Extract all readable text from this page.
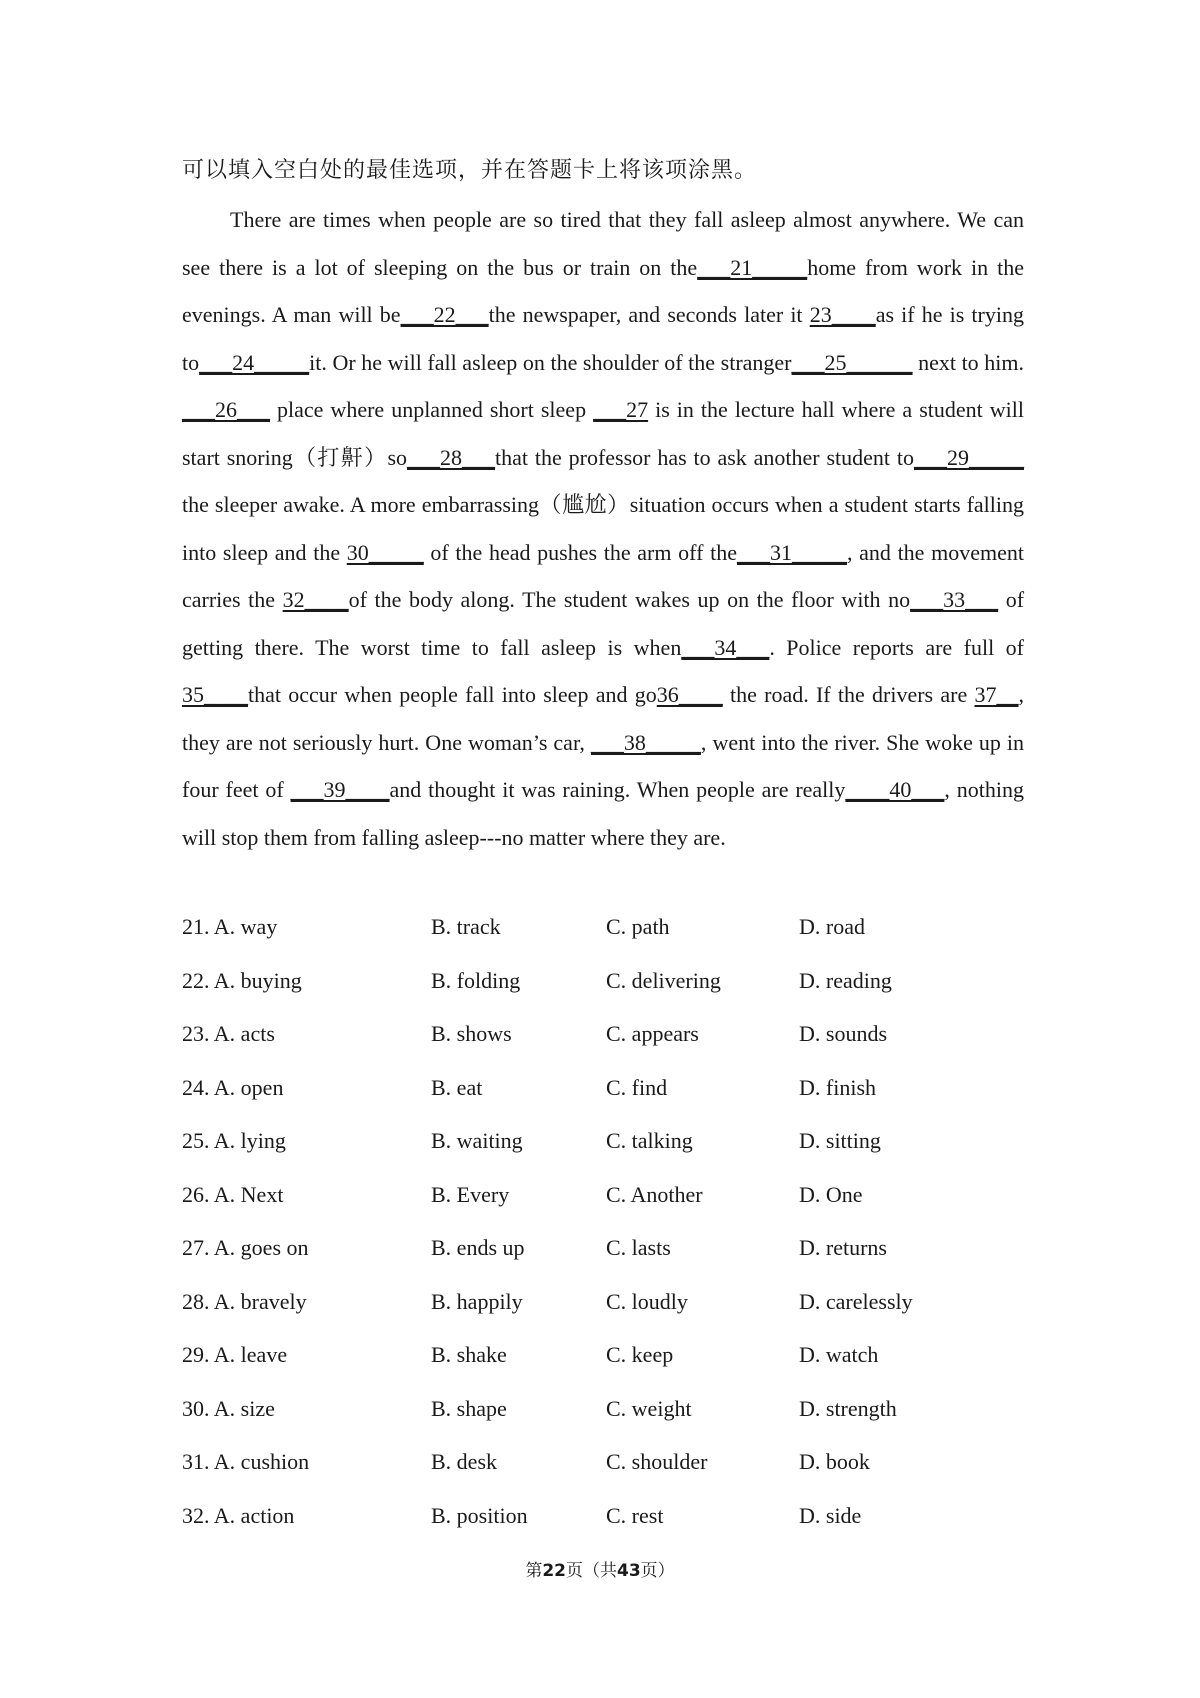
可以填入空白处的最佳选项，并在答题卡上将该项涂黑。

There are times when people are so tired that they fall asleep almost anywhere. We can see there is a lot of sleeping on the bus or train on the___21_____home from work in the evenings. A man will be___22___the newspaper, and seconds later it 23____as if he is trying to___24_____it. Or he will fall asleep on the shoulder of the stranger___25______ next to him. ___26___ place where unplanned short sleep ___27 is in the lecture hall where a student will start snoring（打鼾）so___28___that the professor has to ask another student to___29_____ the sleeper awake. A more embarrassing（尴尬）situation occurs when a student starts falling into sleep and the 30_____ of the head pushes the arm off the___31_____, and the movement carries the 32____of the body along. The student wakes up on the floor with no___33___ of getting there. The worst time to fall asleep is when___34___. Police reports are full of 35____that occur when people fall into sleep and go36____ the road. If the drivers are 37__, they are not seriously hurt. One woman’s car, ___38_____, went into the river. She woke up in four feet of ___39____and thought it was raining. When people are really____40___, nothing will stop them from falling asleep---no matter where they are.

21. A. way	B. track	C. path	D. road
22. A. buying	B. folding	C. delivering	D. reading
23. A. acts	B. shows	C. appears	D. sounds
24. A. open	B. eat	C. find	D. finish
25. A. lying	B. waiting	C. talking	D. sitting
26. A. Next	B. Every	C. Another	D. One
27. A. goes on	B. ends up	C. lasts	D. returns
28. A. bravely	B. happily	C. loudly	D. carelessly
29. A. leave	B. shake	C. keep	D. watch
30. A. size	B. shape	C. weight	D. strength
31. A. cushion	B. desk	C. shoulder	D. book
32. A. action	B. position	C. rest	D. side
第22页（共43页）
